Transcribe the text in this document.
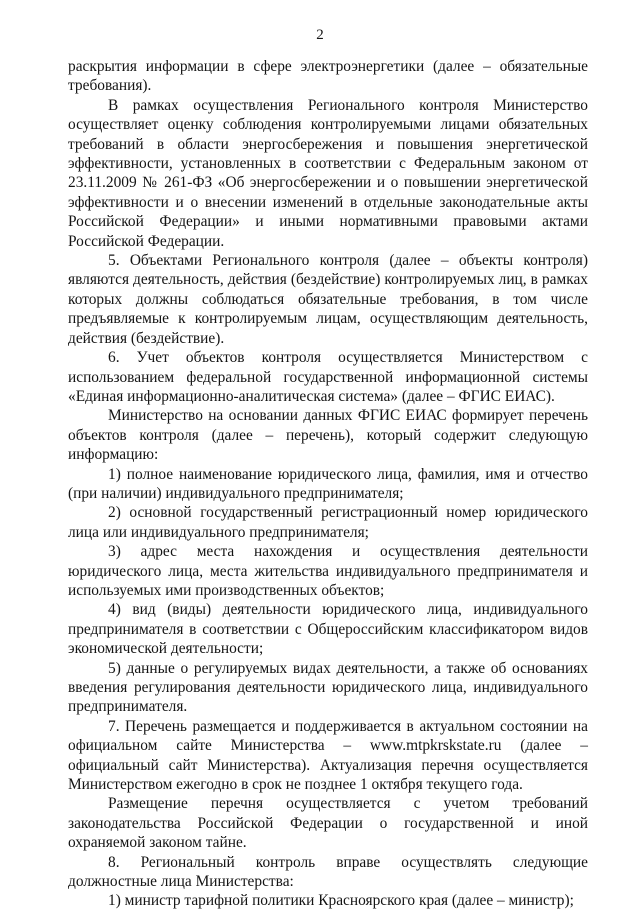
2

раскрытия информации в сфере электроэнергетики (далее – обязательные требования).

В рамках осуществления Регионального контроля Министерство осуществляет оценку соблюдения контролируемыми лицами обязательных требований в области энергосбережения и повышения энергетической эффективности, установленных в соответствии с Федеральным законом от 23.11.2009 № 261-ФЗ «Об энергосбережении и о повышении энергетической эффективности и о внесении изменений в отдельные законодательные акты Российской Федерации» и иными нормативными правовыми актами Российской Федерации.

5. Объектами Регионального контроля (далее – объекты контроля) являются деятельность, действия (бездействие) контролируемых лиц, в рамках которых должны соблюдаться обязательные требования, в том числе предъявляемые к контролируемым лицам, осуществляющим деятельность, действия (бездействие).

6. Учет объектов контроля осуществляется Министерством с использованием федеральной государственной информационной системы «Единая информационно-аналитическая система» (далее – ФГИС ЕИАС).

Министерство на основании данных ФГИС ЕИАС формирует перечень объектов контроля (далее – перечень), который содержит следующую информацию:

1) полное наименование юридического лица, фамилия, имя и отчество (при наличии) индивидуального предпринимателя;

2) основной государственный регистрационный номер юридического лица или индивидуального предпринимателя;

3) адрес места нахождения и осуществления деятельности юридического лица, места жительства индивидуального предпринимателя и используемых ими производственных объектов;

4) вид (виды) деятельности юридического лица, индивидуального предпринимателя в соответствии с Общероссийским классификатором видов экономической деятельности;

5) данные о регулируемых видах деятельности, а также об основаниях введения регулирования деятельности юридического лица, индивидуального предпринимателя.

7. Перечень размещается и поддерживается в актуальном состоянии на официальном сайте Министерства – www.mtpkrskstate.ru (далее – официальный сайт Министерства). Актуализация перечня осуществляется Министерством ежегодно в срок не позднее 1 октября текущего года.

Размещение перечня осуществляется с учетом требований законодательства Российской Федерации о государственной и иной охраняемой законом тайне.

8. Региональный контроль вправе осуществлять следующие должностные лица Министерства:

1) министр тарифной политики Красноярского края (далее – министр);
